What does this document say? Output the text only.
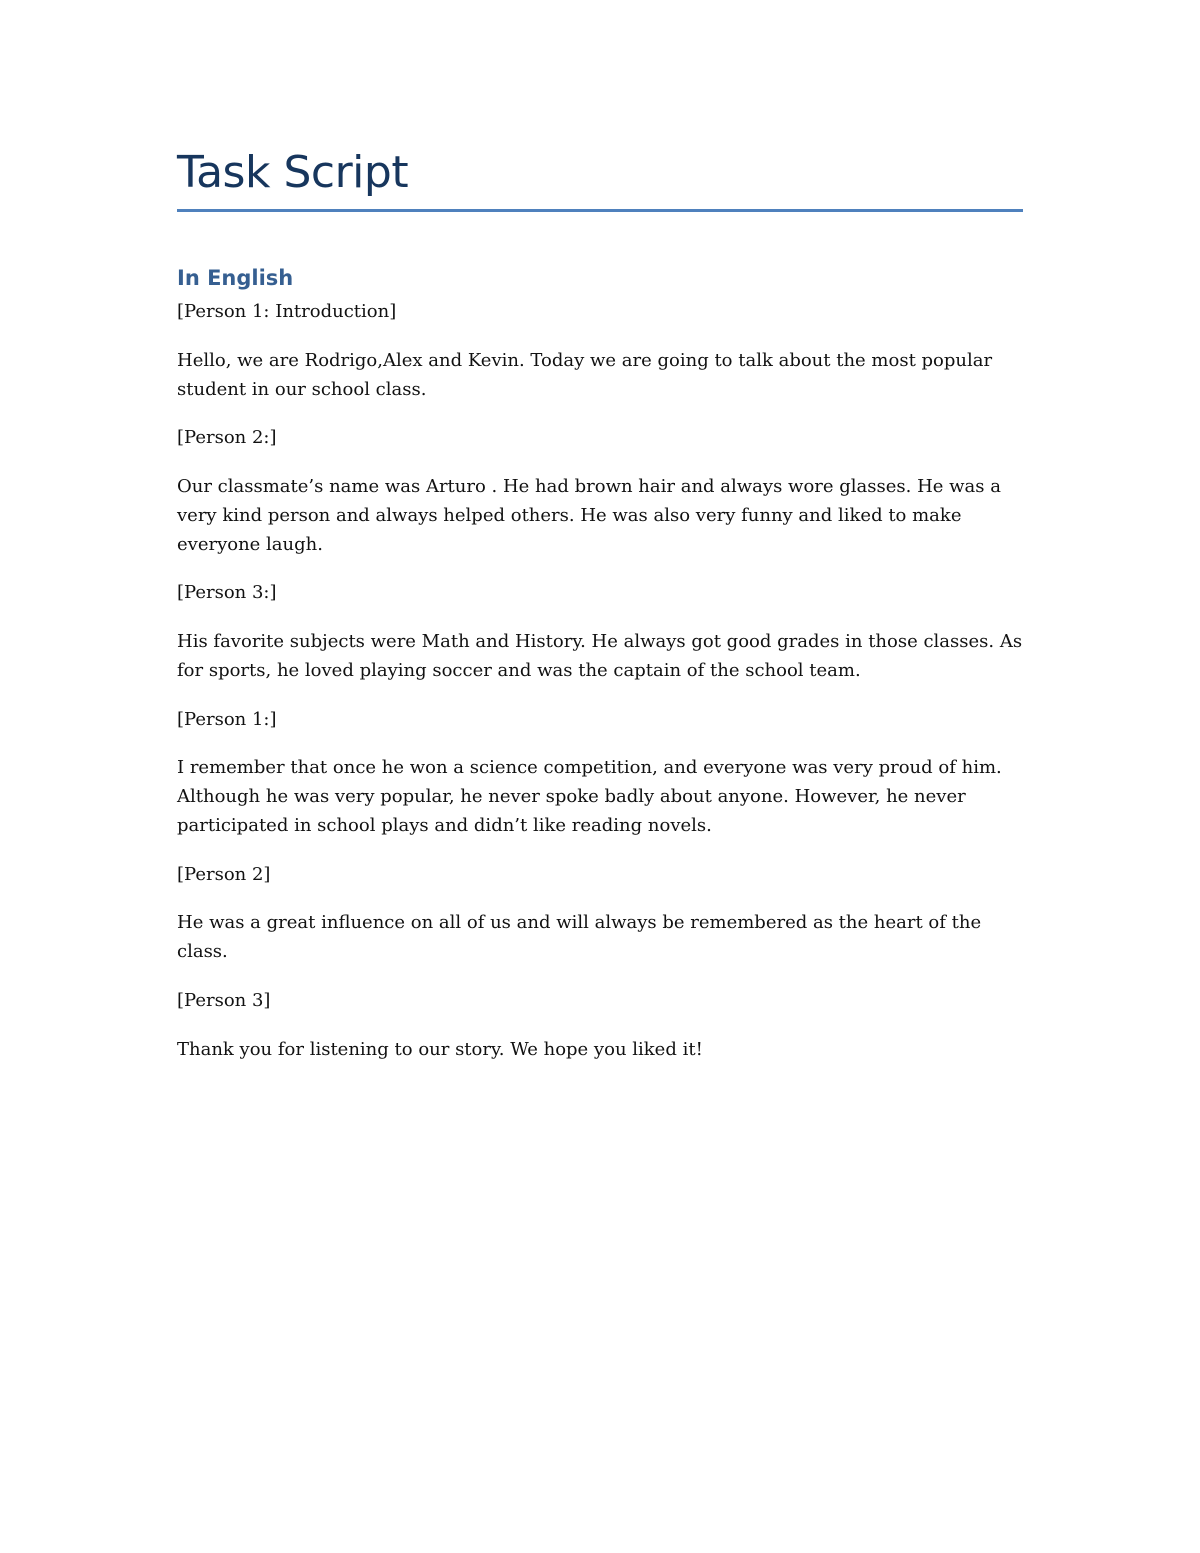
Task Script
In English

[Person 1: Introduction]

Hello, we are Rodrigo,Alex and Kevin. Today we are going to talk about the most popular student in our school class.

[Person 2:]

Our classmate’s name was Arturo . He had brown hair and always wore glasses. He was a very kind person and always helped others. He was also very funny and liked to make everyone laugh.

[Person 3:]

His favorite subjects were Math and History. He always got good grades in those classes. As for sports, he loved playing soccer and was the captain of the school team.

[Person 1:]

I remember that once he won a science competition, and everyone was very proud of him. Although he was very popular, he never spoke badly about anyone. However, he never participated in school plays and didn’t like reading novels.

[Person 2]

He was a great influence on all of us and will always be remembered as the heart of the class.

[Person 3]

Thank you for listening to our story. We hope you liked it!
